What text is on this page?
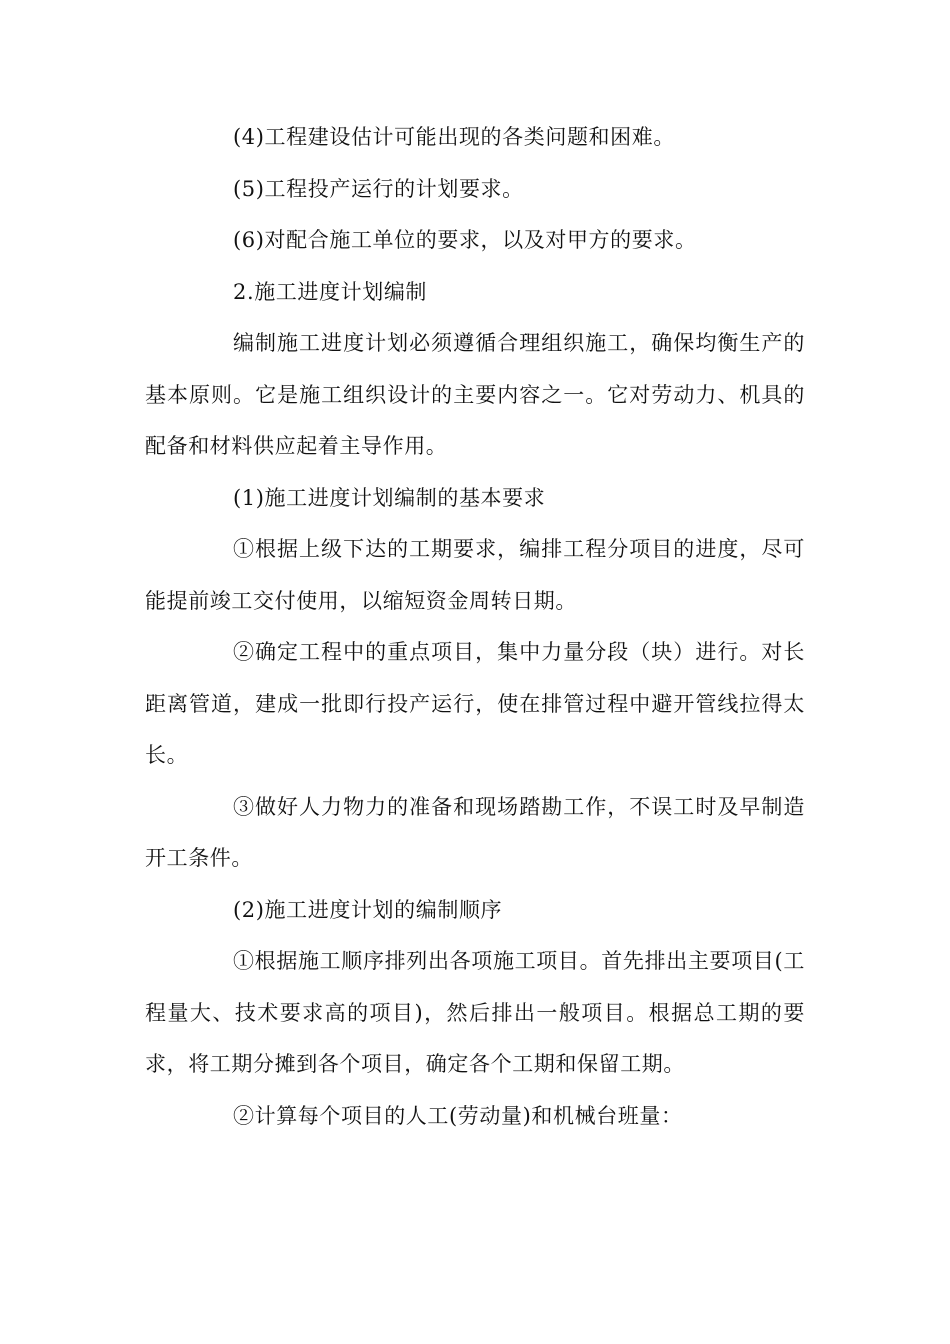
(4)工程建设估计可能出现的各类问题和困难。

(5)工程投产运行的计划要求。

(6)对配合施工单位的要求，以及对甲方的要求。

2.施工进度计划编制

编制施工进度计划必须遵循合理组织施工，确保均衡生产的基本原则。它是施工组织设计的主要内容之一。它对劳动力、机具的配备和材料供应起着主导作用。

(1)施工进度计划编制的基本要求

①根据上级下达的工期要求，编排工程分项目的进度，尽可能提前竣工交付使用，以缩短资金周转日期。

②确定工程中的重点项目，集中力量分段（块）进行。对长距离管道，建成一批即行投产运行，使在排管过程中避开管线拉得太长。

③做好人力物力的准备和现场踏勘工作，不误工时及早制造开工条件。

(2)施工进度计划的编制顺序

①根据施工顺序排列出各项施工项目。首先排出主要项目(工程量大、技术要求高的项目)，然后排出一般项目。根据总工期的要求，将工期分摊到各个项目，确定各个工期和保留工期。

②计算每个项目的人工(劳动量)和机械台班量：
